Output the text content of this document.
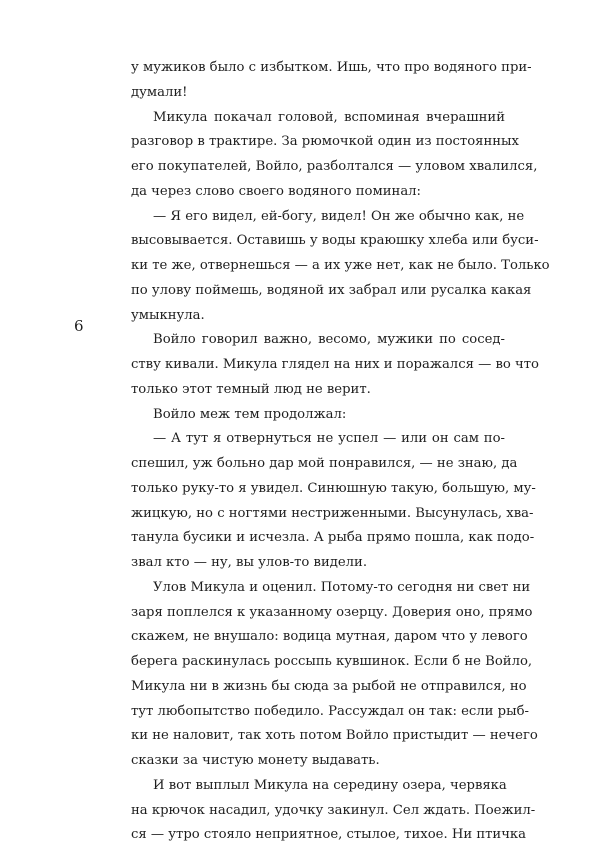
6
у мужиков было с избытком. Ишь, что про водяного при-
думали!
Микула покачал головой, вспоминая вчерашний
разговор в трактире. За рюмочкой один из постоянных
его покупателей, Войло, разболтался — уловом хвалился,
да через слово своего водяного поминал:
— Я его видел, ей-богу, видел! Он же обычно как, не
высовывается. Оставишь у воды краюшку хлеба или буси-
ки те же, отвернешься — а их уже нет, как не было. Только
по улову поймешь, водяной их забрал или русалка какая
умыкнула.
Войло говорил важно, весомо, мужики по сосед-
ству кивали. Микула глядел на них и поражался — во что
только этот темный люд не верит.
Войло меж тем продолжал:
— А тут я отвернуться не успел — или он сам по-
спешил, уж больно дар мой понравился, — не знаю, да
только руку-то я увидел. Синюшную такую, большую, му-
жицкую, но с ногтями нестриженными. Высунулась, хва-
танула бусики и исчезла. А рыба прямо пошла, как подо-
звал кто — ну, вы улов-то видели.
Улов Микула и оценил. Потому-то сегодня ни свет ни
заря поплелся к указанному озерцу. Доверия оно, прямо
скажем, не внушало: водица мутная, даром что у левого
берега раскинулась россыпь кувшинок. Если б не Войло,
Микула ни в жизнь бы сюда за рыбой не отправился, но
тут любопытство победило. Рассуждал он так: если рыб-
ки не наловит, так хоть потом Войло пристыдит — нечего
сказки за чистую монету выдавать.
И вот выплыл Микула на середину озера, червяка
на крючок насадил, удочку закинул. Сел ждать. Поежил-
ся — утро стояло неприятное, стылое, тихое. Ни птичка
